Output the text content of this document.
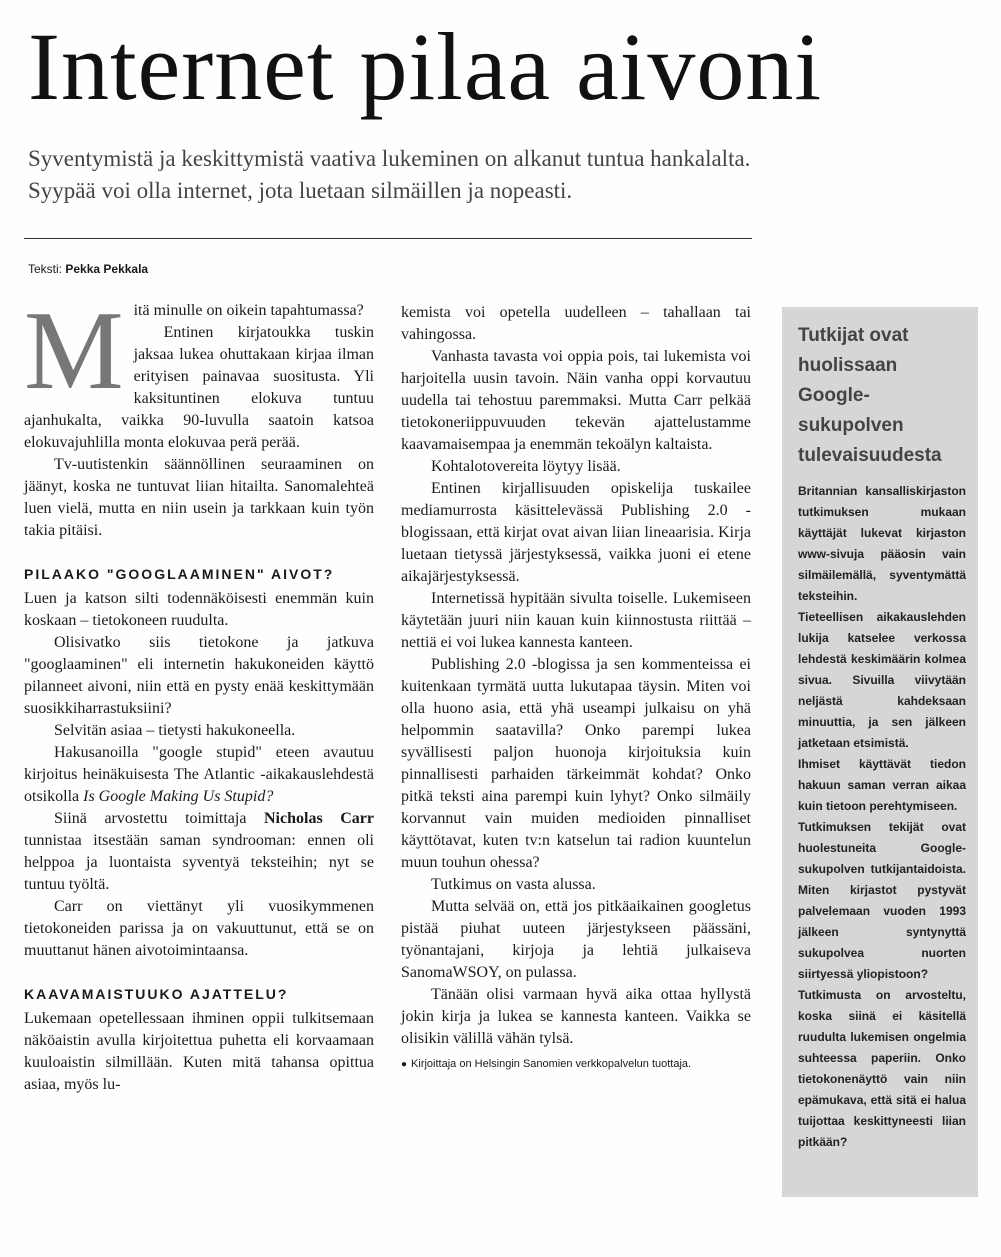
Internet pilaa aivoni

Syventymistä ja keskittymistä vaativa lukeminen on alkanut tuntua hankalalta. Syypää voi olla internet, jota luetaan silmäillen ja nopeasti.

Teksti: Pekka Pekkala

Mitä minulle on oikein tapahtumassa?

Entinen kirjatoukka tuskin jaksaa lukea ohuttakaan kirjaa ilman erityisen painavaa suositusta. Yli kaksituntinen elokuva tuntuu ajanhukalta, vaikka 90-luvulla saatoin katsoa elokuvajuhlilla monta elokuvaa perä perää.

Tv-uutistenkin säännöllinen seuraaminen on jäänyt, koska ne tuntuvat liian hitailta. Sanomalehteä luen vielä, mutta en niin usein ja tarkkaan kuin työn takia pitäisi.

PILAAKO "GOOGLAAMINEN" AIVOT?

Luen ja katson silti todennäköisesti enemmän kuin koskaan – tietokoneen ruudulta.

Olisivatko siis tietokone ja jatkuva "googlaaminen" eli internetin hakukoneiden käyttö pilanneet aivoni, niin että en pysty enää keskittymään suosikkiharrastuksiini?

Selvitän asiaa – tietysti hakukoneella.

Hakusanoilla "google stupid" eteen avautuu kirjoitus heinäkuisesta The Atlantic -aikakauslehdestä otsikolla Is Google Making Us Stupid?

Siinä arvostettu toimittaja Nicholas Carr tunnistaa itsestään saman syndrooman: ennen oli helppoa ja luontaista syventyä teksteihin; nyt se tuntuu työltä.

Carr on viettänyt yli vuosikymmenen tietokoneiden parissa ja on vakuuttunut, että se on muuttanut hänen aivotoimintaansa.

KAAVAMAISTUUKO AJATTELU?

Lukemaan opetellessaan ihminen oppii tulkitsemaan näköaistin avulla kirjoitettua puhetta eli korvaamaan kuuloaistin silmillään. Kuten mitä tahansa opittua asiaa, myös lu-

kemista voi opetella uudelleen – tahallaan tai vahingossa.

Vanhasta tavasta voi oppia pois, tai lukemista voi harjoitella uusin tavoin. Näin vanha oppi korvautuu uudella tai tehostuu paremmaksi. Mutta Carr pelkää tietokoneriippuvuuden tekevän ajattelustamme kaavamaisempaa ja enemmän tekoälyn kaltaista.

Kohtalotovereita löytyy lisää.

Entinen kirjallisuuden opiskelija tuskailee mediamurrosta käsittelevässä Publishing 2.0 -blogissaan, että kirjat ovat aivan liian lineaarisia. Kirja luetaan tietyssä järjestyksessä, vaikka juoni ei etene aikajärjestyksessä.

Internetissä hypitään sivulta toiselle. Lukemiseen käytetään juuri niin kauan kuin kiinnostusta riittää – nettiä ei voi lukea kannesta kanteen.

Publishing 2.0 -blogissa ja sen kommenteissa ei kuitenkaan tyrmätä uutta lukutapaa täysin. Miten voi olla huono asia, että yhä useampi julkaisu on yhä helpommin saatavilla? Onko parempi lukea syvällisesti paljon huonoja kirjoituksia kuin pinnallisesti parhaiden tärkeimmät kohdat? Onko pitkä teksti aina parempi kuin lyhyt? Onko silmäily korvannut vain muiden medioiden pinnalliset käyttötavat, kuten tv:n katselun tai radion kuuntelun muun touhun ohessa?

Tutkimus on vasta alussa.

Mutta selvää on, että jos pitkäaikainen googletus pistää piuhat uuteen järjestykseen päässäni, työnantajani, kirjoja ja lehtiä julkaiseva SanomaWSOY, on pulassa.

Tänään olisi varmaan hyvä aika ottaa hyllystä jokin kirja ja lukea se kannesta kanteen. Vaikka se olisikin välillä vähän tylsä.

● Kirjoittaja on Helsingin Sanomien verkkopalvelun tuottaja.
Tutkijat ovat huolissaan Google-sukupolven tulevaisuudesta

Britannian kansalliskirjaston tutkimuksen mukaan käyttäjät lukevat kirjaston www-sivuja pääosin vain silmäilemällä, syventymättä teksteihin.

Tieteellisen aikakauslehden lukija katselee verkossa lehdestä keskimäärin kolmea sivua. Sivuilla viivytään neljästä kahdeksaan minuuttia, ja sen jälkeen jatketaan etsimistä.

Ihmiset käyttävät tiedon hakuun saman verran aikaa kuin tietoon perehtymiseen.

Tutkimuksen tekijät ovat huolestuneita Google-sukupolven tutkijantaidoista. Miten kirjastot pystyvät palvelemaan vuoden 1993 jälkeen syntynyttä sukupolvea nuorten siirtyessä yliopistoon?

Tutkimusta on arvosteltu, koska siinä ei käsitellä ruudulta lukemisen ongelmia suhteessa paperiin. Onko tietokonenäyttö vain niin epämukava, että sitä ei halua tuijottaa keskittyneesti liian pitkään?
